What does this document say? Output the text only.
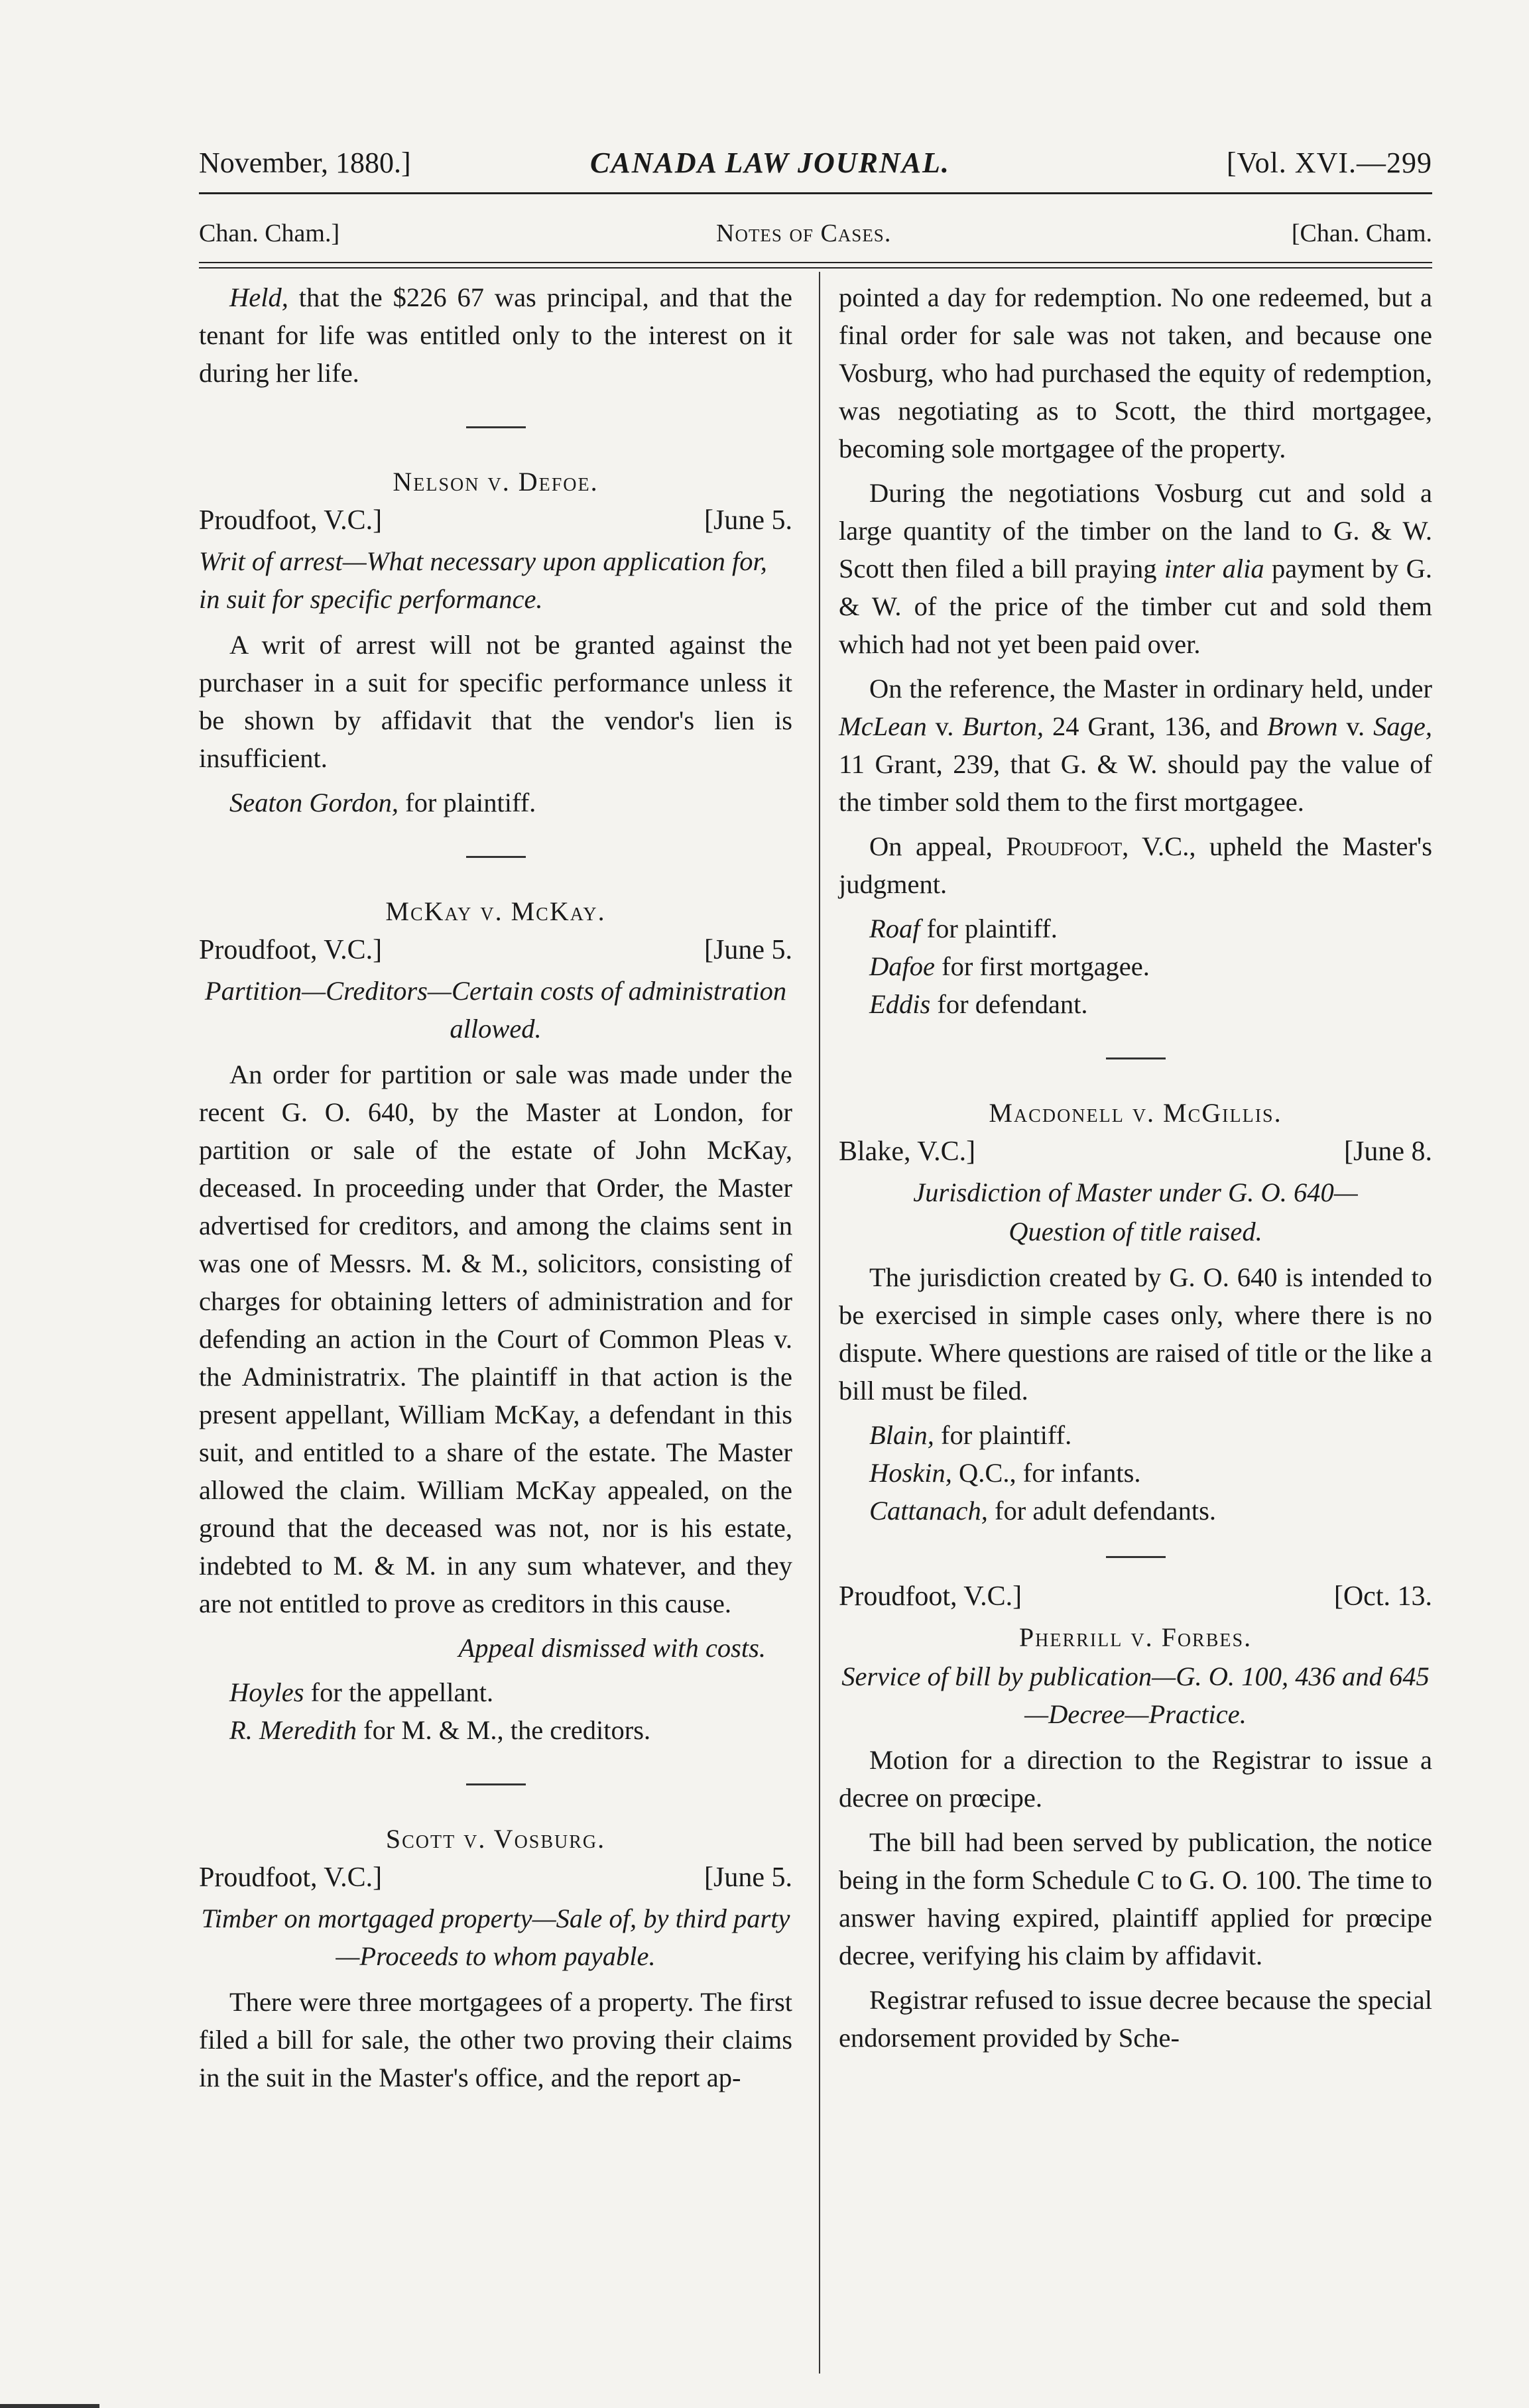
November, 1880.]	CANADA LAW JOURNAL.	[Vol. XVI.—299
Chan. Cham.]	Notes of Cases.	[Chan. Cham.

Held, that the $226 67 was principal, and that the tenant for life was entitled only to the interest on it during her life.

Nelson v. Defoe.
Proudfoot, V.C.]	[June 5.

Writ of arrest—What necessary upon application for, in suit for specific performance.

A writ of arrest will not be granted against the purchaser in a suit for specific performance unless it be shown by affidavit that the vendor's lien is insufficient.

Seaton Gordon, for plaintiff.

McKay v. McKay.
Proudfoot, V.C.]	[June 5.

Partition—Creditors—Certain costs of administration allowed.

An order for partition or sale was made under the recent G. O. 640, by the Master at London, for partition or sale of the estate of John McKay, deceased. In proceeding under that Order, the Master advertised for creditors, and among the claims sent in was one of Messrs. M. & M., solicitors, consisting of charges for obtaining letters of administration and for defending an action in the Court of Common Pleas v. the Administratrix. The plaintiff in that action is the present appellant, William McKay, a defendant in this suit, and entitled to a share of the estate. The Master allowed the claim. William McKay appealed, on the ground that the deceased was not, nor is his estate, indebted to M. & M. in any sum whatever, and they are not entitled to prove as creditors in this cause.

Appeal dismissed with costs.

Hoyles for the appellant.

R. Meredith for M. & M., the creditors.

Scott v. Vosburg.
Proudfoot, V.C.]	[June 5.

Timber on mortgaged property—Sale of, by third party—Proceeds to whom payable.

There were three mortgagees of a property. The first filed a bill for sale, the other two proving their claims in the suit in the Master's office, and the report ap-

pointed a day for redemption. No one redeemed, but a final order for sale was not taken, and because one Vosburg, who had purchased the equity of redemption, was negotiating as to Scott, the third mortgagee, becoming sole mortgagee of the property.

During the negotiations Vosburg cut and sold a large quantity of the timber on the land to G. & W. Scott then filed a bill praying inter alia payment by G. & W. of the price of the timber cut and sold them which had not yet been paid over.

On the reference, the Master in ordinary held, under McLean v. Burton, 24 Grant, 136, and Brown v. Sage, 11 Grant, 239, that G. & W. should pay the value of the timber sold them to the first mortgagee.

On appeal, Proudfoot, V.C., upheld the Master's judgment.

Roaf for plaintiff.

Dafoe for first mortgagee.

Eddis for defendant.

Macdonell v. McGillis.
Blake, V.C.]	[June 8.

Jurisdiction of Master under G. O. 640—

Question of title raised.

The jurisdiction created by G. O. 640 is intended to be exercised in simple cases only, where there is no dispute. Where questions are raised of title or the like a bill must be filed.

Blain, for plaintiff.

Hoskin, Q.C., for infants.

Cattanach, for adult defendants.

Proudfoot, V.C.]	[Oct. 13.
Pherrill v. Forbes.

Service of bill by publication—G. O. 100, 436 and 645—Decree—Practice.

Motion for a direction to the Registrar to issue a decree on prœcipe.

The bill had been served by publication, the notice being in the form Schedule C to G. O. 100. The time to answer having expired, plaintiff applied for prœcipe decree, verifying his claim by affidavit.

Registrar refused to issue decree because the special endorsement provided by Sche-
